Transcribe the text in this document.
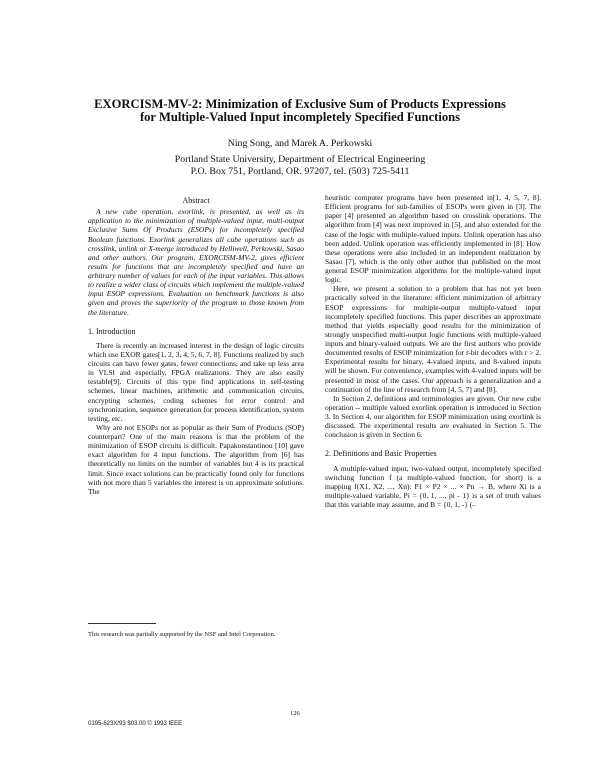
EXORCISM-MV-2: Minimization of Exclusive Sum of Products Expressions
for Multiple-Valued Input incompletely Specified Functions
Ning Song, and Marek A. Perkowski
Portland State University, Department of Electrical Engineering
P.O. Box 751, Portland, OR. 97207, tel. (503) 725-5411
Abstract

A new cube operation, exorlink, is presented, as well as its application to the minimization of multiple-valued input, multi-output Exclusive Sums Of Products (ESOPs) for incompletely specified Boolean functions. Exorlink generalizes all cube operations such as crosslink, unlink or X-merge introduced by Helliwell, Perkowski, Sasao and other authors. Our program, EXORCISM-MV-2, gives efficient results for functions that are incompletely specified and have an arbitrary number of values for each of the input variables. This allows to realize a wider class of circuits which implement the multiple-valued input ESOP expressions. Evaluation on benchmark functions is also given and proves the superiority of the program to those known from the literature.

1. Introduction

There is recently an increased interest in the design of logic circuits which use EXOR gates[1, 2, 3, 4, 5, 6, 7, 8]. Functions realized by such circuits can have fewer gates, fewer connections, and take up less area in VLSI and especially, FPGA realizations. They are also easily testable[9]. Circuits of this type find applications in self-testing schemes, linear machines, arithmetic and communication circuits, encrypting schemes, coding schemes for error control and synchronization, sequence generation for process identification, system testing, etc.

Why are not ESOPs not as popular as their Sum of Products (SOP) counterpart? One of the main reasons is that the problem of the minimization of ESOP circuits is difficult. Papakonstantinou [10] gave exact algorithm for 4 input functions. The algorithm from [6] has theoretically no limits on the number of variables but 4 is its practical limit. Since exact solutions can be practically found only for functions with not more than 5 variables the interest is on approximate solutions. The

heuristic computer programs have been presented in[1, 4, 5, 7, 8]. Efficient programs for sub-families of ESOPs were given in [3]. The paper [4] presented an algorithm based on crosslink operations. The algorithm from [4] was next improved in [5], and also extended for the case of the logic with multiple-valued inputs. Unlink operation has also been added. Unlink operation was efficiently implemented in [8]. How these operations were also included in an independent realization by Sasao [7], which is the only other author that published on the most general ESOP minimization algorithms for the multiple-valued input logic.

Here, we present a solution to a problem that has not yet been practically solved in the literature: efficient minimization of arbitrary ESOP expressions for multiple-output multiple-valued input incompletely specified functions. This paper describes an approximate method that yields especially good results for the minimization of strongly unspecified multi-output logic functions with multiple-valued inputs and binary-valued outputs. We are the first authors who provide documented results of ESOP minimization for r-bit decoders with r > 2. Experimental results for binary, 4-valued inputs, and 8-valued inputs will be shown. For convenience, examples with 4-valued inputs will be presented in most of the cases. Our approach is a generalization and a continuation of the line of research from [4, 5, 7] and [8].

In Section 2, definitions and terminologies are given. Our new cube operation -- multiple valued exorlink operation is introduced in Section 3. In Section 4, our algorithm for ESOP minimization using exorlink is discussed. The experimental results are evaluated in Section 5. The conclusion is given in Section 6.

2. Definitions and Basic Properties

A multiple-valued input, two-valued output, incompletely specified switching function f (a multiple-valued function, for short) is a mapping f(X1, X2, ..., Xn): P1 × P2 × ... × Pn → B, where Xi is a multiple-valued variable, Pi = {0, 1, ..., pi - 1} is a set of truth values that this variable may assume, and B = {0, 1, -} (-

This research was partially supported by the NSF and Intel Corporation.
126
0195-623X/93 $03.00 © 1993 IEEE
